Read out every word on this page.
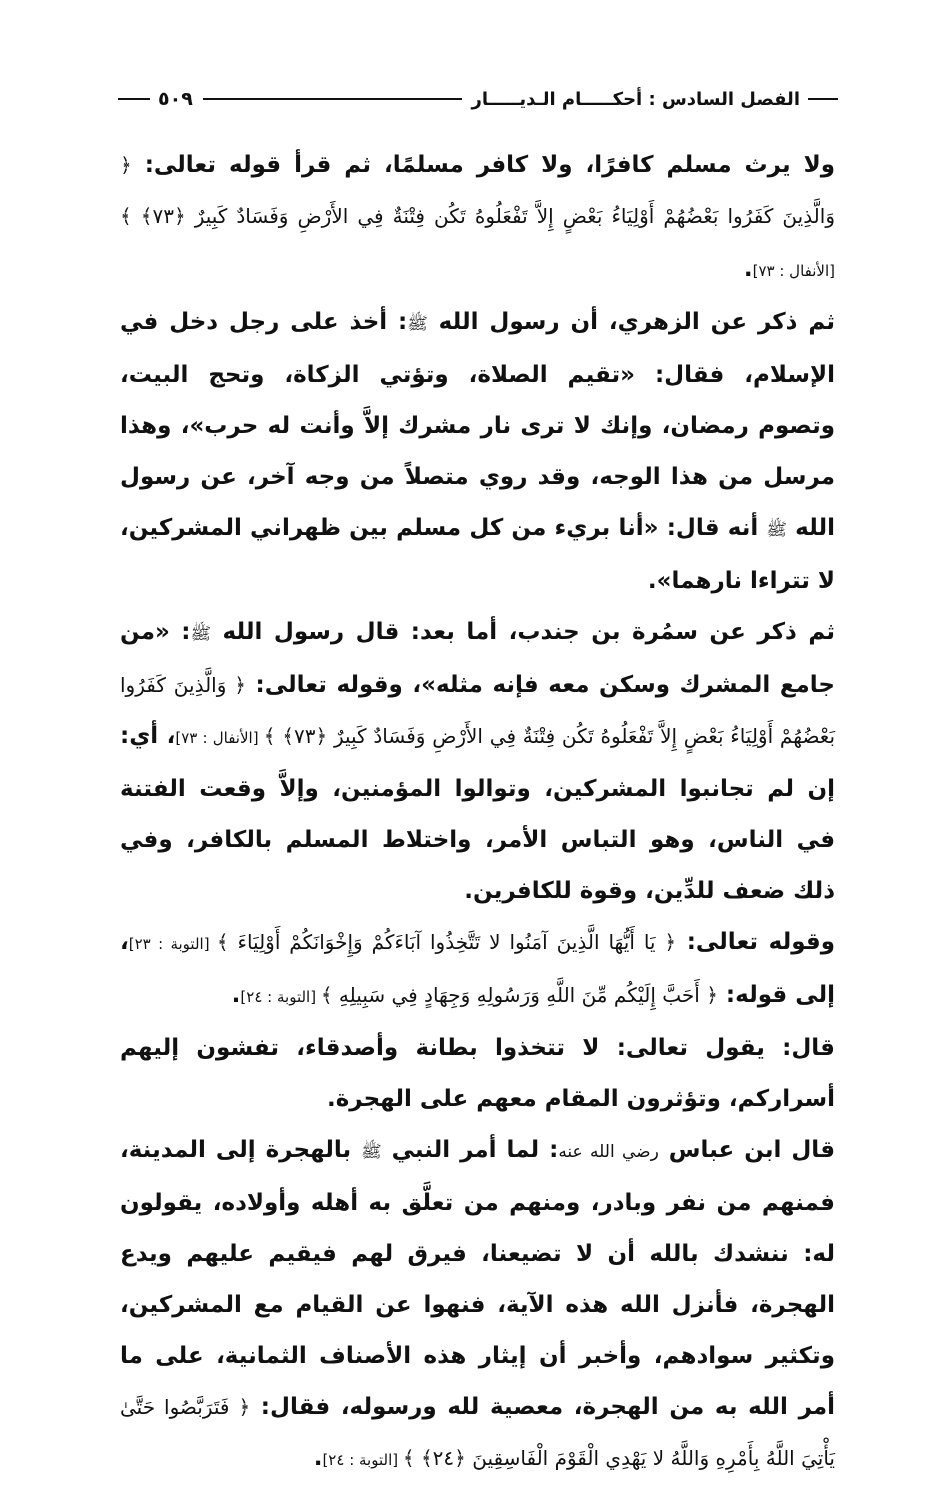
الفصل السادس : أحكـــــام الـديـــــار
٥٠٩

ولا يرث مسلم كافرًا، ولا كافر مسلمًا، ثم قرأ قوله تعالى: ﴿ وَالَّذِينَ كَفَرُوا بَعْضُهُمْ أَوْلِيَاءُ بَعْضٍ إِلاَّ تَفْعَلُوهُ تَكُن فِتْنَةٌ فِي الأَرْضِ وَفَسَادٌ كَبِيرٌ ﴿٧٣﴾ ﴾ [الأنفال : ٧٣].

ثم ذكر عن الزهري، أن رسول الله ﷺ: أخذ على رجل دخل في الإسلام، فقال: «تقيم الصلاة، وتؤتي الزكاة، وتحج البيت، وتصوم رمضان، وإنك لا ترى نار مشرك إلاَّ وأنت له حرب»، وهذا مرسل من هذا الوجه، وقد روي متصلاً من وجه آخر، عن رسول الله ﷺ أنه قال: «أنا بريء من كل مسلم بين ظهراني المشركين، لا تتراءا نارهما».

ثم ذكر عن سمُرة بن جندب، أما بعد: قال رسول الله ﷺ: «من جامع المشرك وسكن معه فإنه مثله»، وقوله تعالى: ﴿ وَالَّذِينَ كَفَرُوا بَعْضُهُمْ أَوْلِيَاءُ بَعْضٍ إِلاَّ تَفْعَلُوهُ تَكُن فِتْنَةٌ فِي الأَرْضِ وَفَسَادٌ كَبِيرٌ ﴿٧٣﴾ ﴾ [الأنفال : ٧٣]، أي: إن لم تجانبوا المشركين، وتوالوا المؤمنين، وإلاَّ وقعت الفتنة في الناس، وهو التباس الأمر، واختلاط المسلم بالكافر، وفي ذلك ضعف للدِّين، وقوة للكافرين.

وقوله تعالى: ﴿ يَا أَيُّهَا الَّذِينَ آمَنُوا لا تَتَّخِذُوا آبَاءَكُمْ وَإِخْوَانَكُمْ أَوْلِيَاءَ ﴾ [التوبة : ٢٣]، إلى قوله: ﴿ أَحَبَّ إِلَيْكُم مِّنَ اللَّهِ وَرَسُولِهِ وَجِهَادٍ فِي سَبِيلِهِ ﴾ [التوبة : ٢٤].

قال: يقول تعالى: لا تتخذوا بطانة وأصدقاء، تفشون إليهم أسراركم، وتؤثرون المقام معهم على الهجرة.

قال ابن عباس رضي الله عنه: لما أمر النبي ﷺ بالهجرة إلى المدينة، فمنهم من نفر وبادر، ومنهم من تعلَّق به أهله وأولاده، يقولون له: ننشدك بالله أن لا تضيعنا، فيرق لهم فيقيم عليهم ويدع الهجرة، فأنزل الله هذه الآية، فنهوا عن القيام مع المشركين، وتكثير سوادهم، وأخبر أن إيثار هذه الأصناف الثمانية، على ما أمر الله به من الهجرة، معصية لله ورسوله، فقال: ﴿ فَتَرَبَّصُوا حَتَّىٰ يَأْتِيَ اللَّهُ بِأَمْرِهِ وَاللَّهُ لا يَهْدِي الْقَوْمَ الْفَاسِقِينَ ﴿٢٤﴾ ﴾ [التوبة : ٢٤].
